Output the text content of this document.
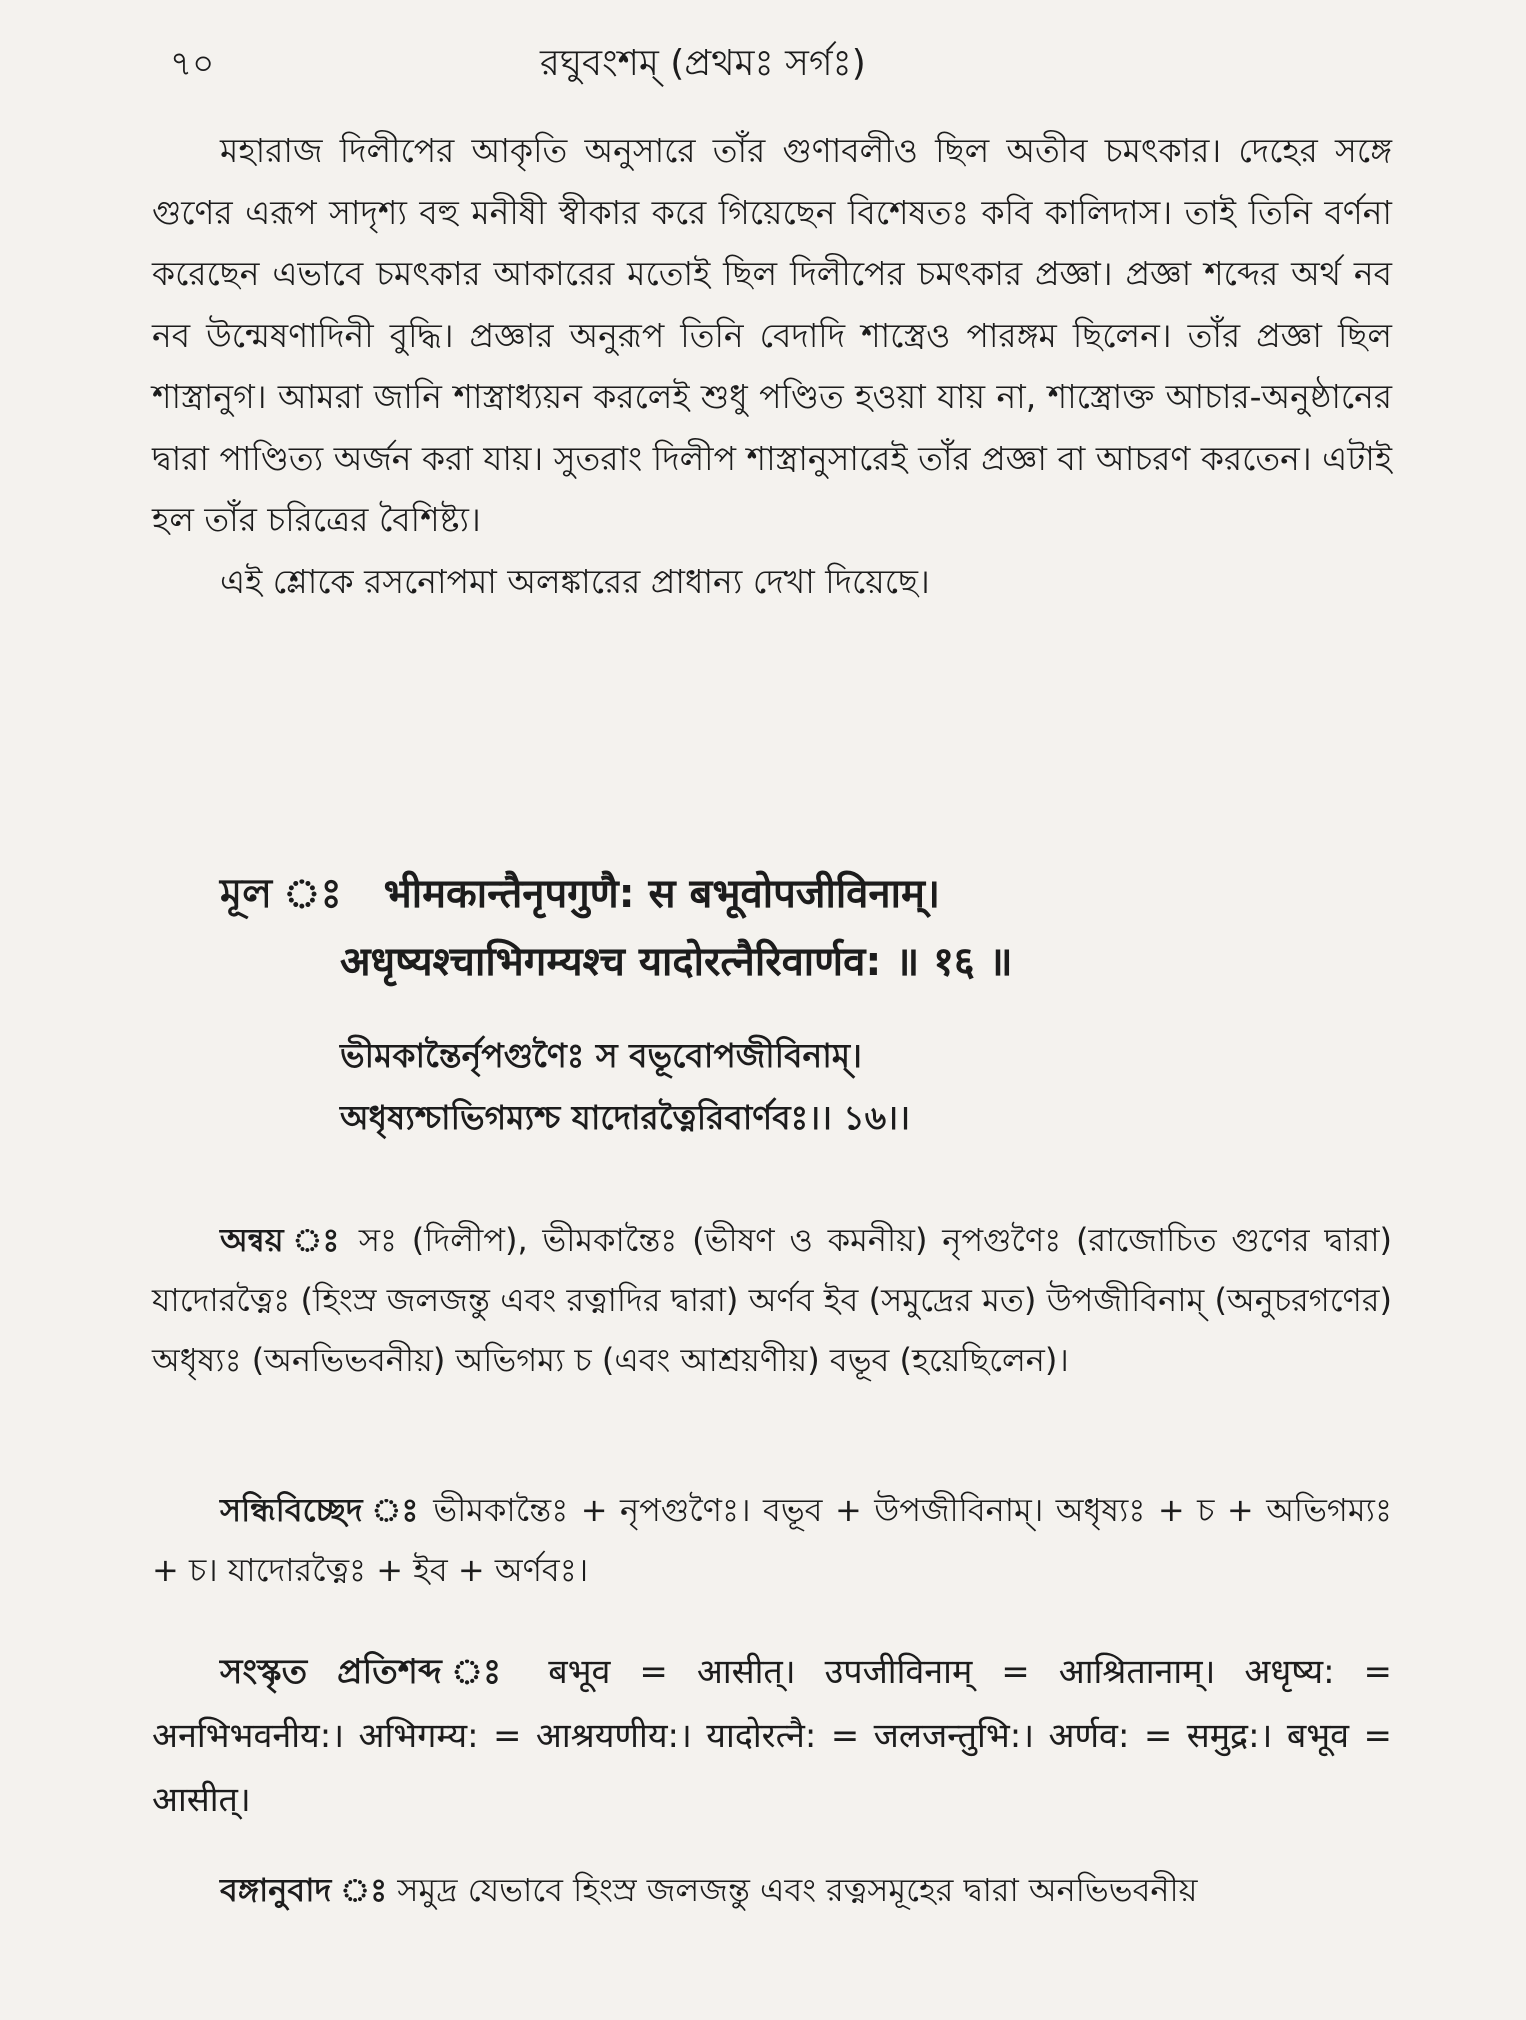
৭০	রঘুবংশম্ (প্রথমঃ সর্গঃ)

মহারাজ দিলীপের আকৃতি অনুসারে তাঁর গুণাবলীও ছিল অতীব চমৎকার। দেহের সঙ্গে গুণের এরূপ সাদৃশ্য বহু মনীষী স্বীকার করে গিয়েছেন বিশেষতঃ কবি কালিদাস। তাই তিনি বর্ণনা করেছেন এভাবে চমৎকার আকারের মতোই ছিল দিলীপের চমৎকার প্রজ্ঞা। প্রজ্ঞা শব্দের অর্থ নব নব উন্মেষণাদিনী বুদ্ধি। প্রজ্ঞার অনুরূপ তিনি বেদাদি শাস্ত্রেও পারঙ্গম ছিলেন। তাঁর প্রজ্ঞা ছিল শাস্ত্রানুগ। আমরা জানি শাস্ত্রাধ্যয়ন করলেই শুধু পণ্ডিত হওয়া যায় না, শাস্ত্রোক্ত আচার-অনুষ্ঠানের দ্বারা পাণ্ডিত্য অর্জন করা যায়। সুতরাং দিলীপ শাস্ত্রানুসারেই তাঁর প্রজ্ঞা বা আচরণ করতেন। এটাই হল তাঁর চরিত্রের বৈশিষ্ট্য।

এই শ্লোকে রসনোপমা অলঙ্কারের প্রাধান্য দেখা দিয়েছে।

মূল ঃ भीमकान्तैनृपगुणै: स बभूवोपजीविनाम्।
अधृष्यश्चाभिगम्यश्च यादोरत्नैरिवार्णव: ॥ १६ ॥
ভীমকান্তৈর্নৃপগুণৈঃ স বভূবোপজীবিনাম্।
অধৃষ্যশ্চাভিগম্যশ্চ যাদোরত্নৈরিবার্ণবঃ।। ১৬।।
অন্বয় ঃ সঃ (দিলীপ), ভীমকান্তৈঃ (ভীষণ ও কমনীয়) নৃপগুণৈঃ (রাজোচিত গুণের দ্বারা) যাদোরত্নৈঃ (হিংস্র জলজন্তু এবং রত্নাদির দ্বারা) অর্ণব ইব (সমুদ্রের মত) উপজীবিনাম্ (অনুচরগণের) অধৃষ্যঃ (অনভিভবনীয়) অভিগম্য চ (এবং আশ্রয়ণীয়) বভূব (হয়েছিলেন)।
সন্ধিবিচ্ছেদ ঃ ভীমকান্তৈঃ + নৃপগুণৈঃ। বভূব + উপজীবিনাম্। অধৃষ্যঃ + চ + অভিগম্যঃ + চ। যাদোরত্নৈঃ + ইব + অর্ণবঃ।
সংস্কৃত প্রতিশব্দ ঃ बभूव = आसीत्। उपजीविनाम् = आश्रितानाम्। अधृष्य: = अनभिभवनीय:। अभिगम्य: = आश्रयणीय:। यादोरत्नै: = जलजन्तुभि:। अर्णव: = समुद्र:। बभूव = आसीत्।
বঙ্গানুবাদ ঃ সমুদ্র যেভাবে হিংস্র জলজন্তু এবং রত্নসমূহের দ্বারা অনভিভবনীয়
